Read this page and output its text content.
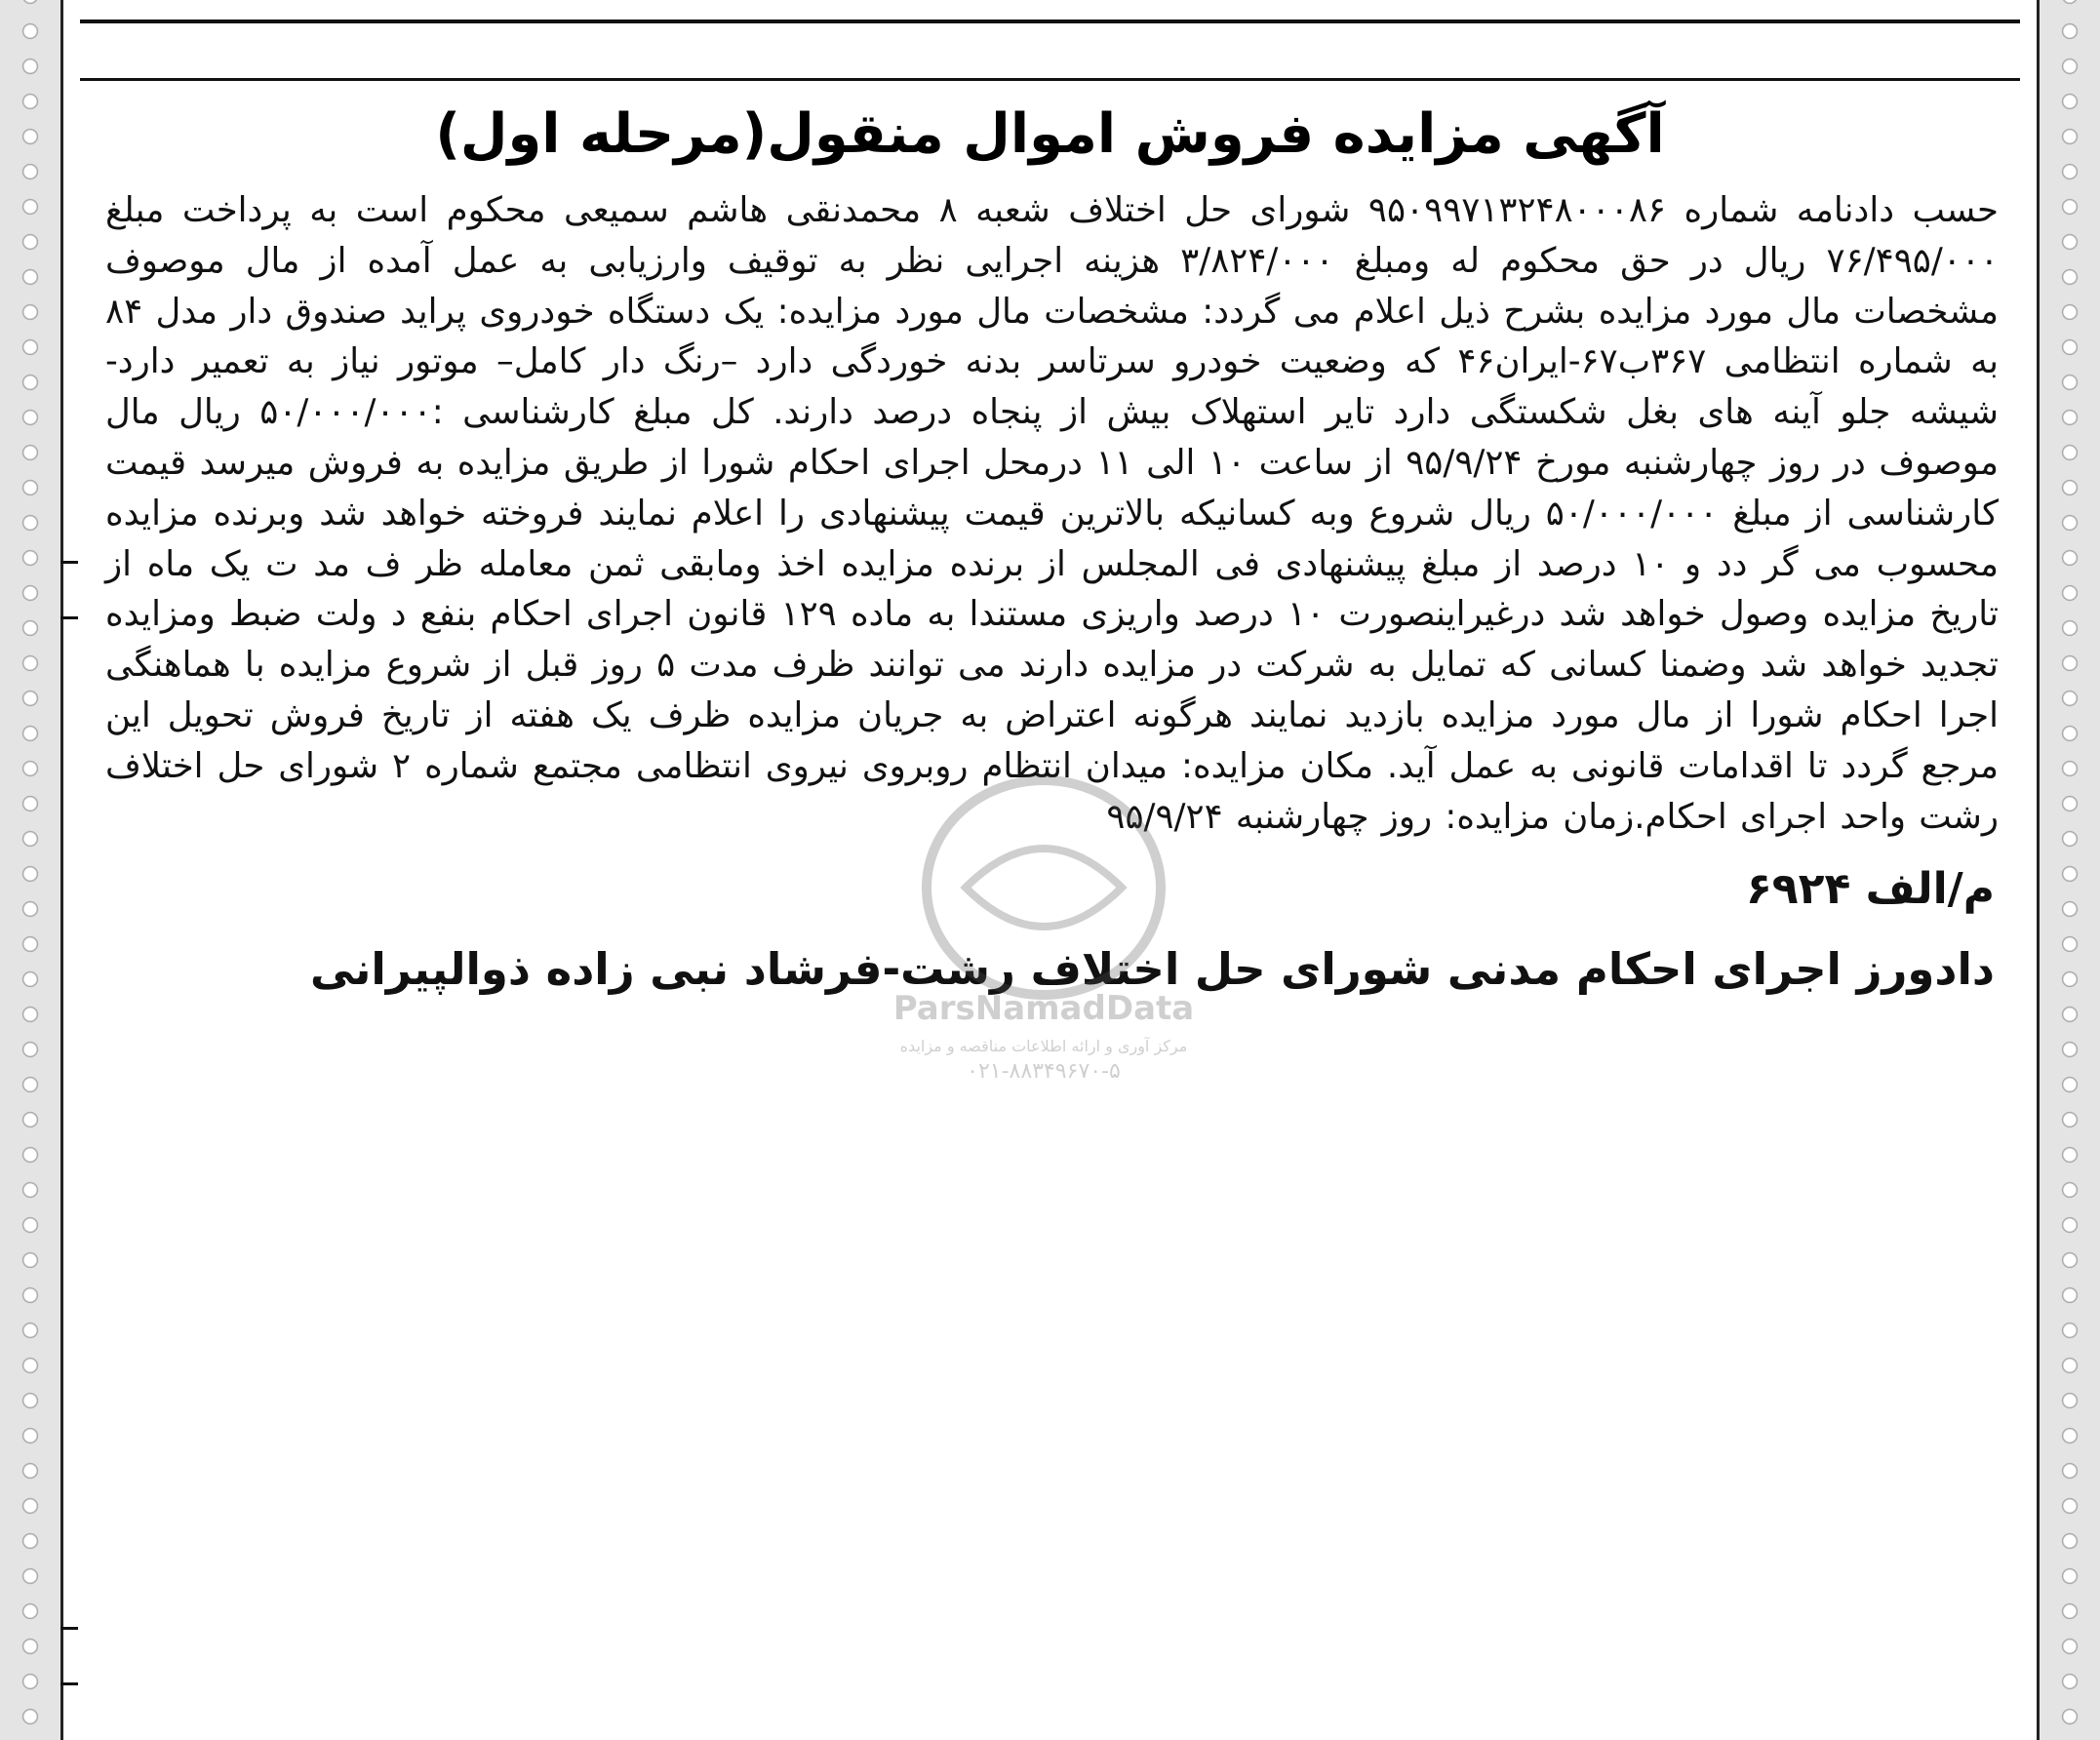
آگهی مزایده فروش اموال منقول(مرحله اول)
حسب دادنامه شماره ۹۵۰۹۹۷۱۳۲۴۸۰۰۰۸۶ شورای حل اختلاف شعبه ۸ محمدنقی هاشم سمیعی محکوم است به پرداخت مبلغ ۷۶/۴۹۵/۰۰۰ ریال در حق محکوم له ومبلغ ۳/۸۲۴/۰۰۰ هزینه اجرایی نظر به توقیف وارزیابی به عمل آمده از مال موصوف مشخصات مال مورد مزایده بشرح ذیل اعلام می گردد: مشخصات مال مورد مزایده: یک دستگاه خودروی پراید صندوق دار مدل ۸۴ به شماره انتظامی ۳۶۷ب۶۷-ایران۴۶ که وضعیت خودرو سرتاسر بدنه خوردگی دارد –رنگ دار کامل– موتور نیاز به تعمیر دارد-شیشه جلو آینه های بغل شکستگی دارد تایر استهلاک بیش از پنجاه درصد دارند. کل مبلغ کارشناسی :۵۰/۰۰۰/۰۰۰ ریال مال موصوف در روز چهارشنبه مورخ ۹۵/۹/۲۴ از ساعت ۱۰ الی ۱۱ درمحل اجرای احکام شورا از طریق مزایده به فروش میرسد قیمت کارشناسی از مبلغ ۵۰/۰۰۰/۰۰۰ ریال شروع وبه کسانیکه بالاترین قیمت پیشنهادی را اعلام نمایند فروخته خواهد شد وبرنده مزایده محسوب می گر دد و ۱۰ درصد از مبلغ پیشنهادی فی المجلس از برنده مزایده اخذ ومابقی ثمن معامله ظر ف مد ت یک ماه از تاریخ مزایده وصول خواهد شد درغیراینصورت ۱۰ درصد واریزی مستندا به ماده ۱۲۹ قانون اجرای احکام بنفع د ولت ضبط ومزایده تجدید خواهد شد وضمنا کسانی که تمایل به شرکت در مزایده دارند می توانند ظرف مدت ۵ روز قبل از شروع مزایده با هماهنگی اجرا احکام شورا از مال مورد مزایده بازدید نمایند هرگونه اعتراض به جریان مزایده ظرف یک هفته از تاریخ فروش تحویل این مرجع گردد تا اقدامات قانونی به عمل آید. مکان مزایده: میدان انتظام روبروی نیروی انتظامی مجتمع شماره ۲ شورای حل اختلاف رشت واحد اجرای احکام.زمان مزایده: روز چهارشنبه ۹۵/۹/۲۴
م/الف ۶۹۲۴
دادورز اجرای احکام مدنی شورای حل اختلاف رشت-فرشاد نبی زاده ذوالپیرانی
ParsNamadData
مرکز آوری و ارائه اطلاعات مناقصه و مزایده
۰۲۱-۸۸۳۴۹۶۷۰-۵
